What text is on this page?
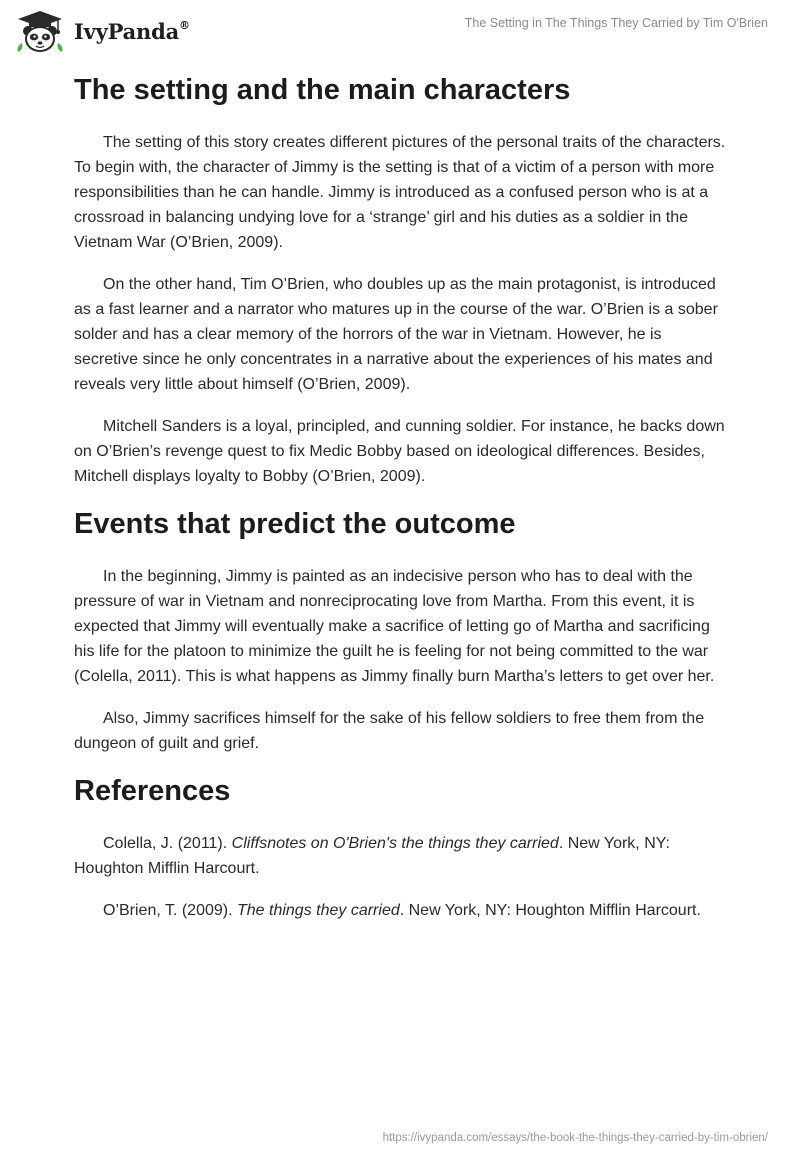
IvyPanda®	The Setting in The Things They Carried by Tim O'Brien
The setting and the main characters

The setting of this story creates different pictures of the personal traits of the characters. To begin with, the character of Jimmy is the setting is that of a victim of a person with more responsibilities than he can handle. Jimmy is introduced as a confused person who is at a crossroad in balancing undying love for a ‘strange’ girl and his duties as a soldier in the Vietnam War (O’Brien, 2009).

On the other hand, Tim O’Brien, who doubles up as the main protagonist, is introduced as a fast learner and a narrator who matures up in the course of the war. O’Brien is a sober solder and has a clear memory of the horrors of the war in Vietnam. However, he is secretive since he only concentrates in a narrative about the experiences of his mates and reveals very little about himself (O’Brien, 2009).

Mitchell Sanders is a loyal, principled, and cunning soldier. For instance, he backs down on O’Brien’s revenge quest to fix Medic Bobby based on ideological differences. Besides, Mitchell displays loyalty to Bobby (O’Brien, 2009).

Events that predict the outcome

In the beginning, Jimmy is painted as an indecisive person who has to deal with the pressure of war in Vietnam and nonreciprocating love from Martha. From this event, it is expected that Jimmy will eventually make a sacrifice of letting go of Martha and sacrificing his life for the platoon to minimize the guilt he is feeling for not being committed to the war (Colella, 2011). This is what happens as Jimmy finally burn Martha’s letters to get over her.

Also, Jimmy sacrifices himself for the sake of his fellow soldiers to free them from the dungeon of guilt and grief.

References

Colella, J. (2011). Cliffsnotes on O'Brien's the things they carried. New York, NY: Houghton Mifflin Harcourt.

O’Brien, T. (2009). The things they carried. New York, NY: Houghton Mifflin Harcourt.

https://ivypanda.com/essays/the-book-the-things-they-carried-by-tim-obrien/
